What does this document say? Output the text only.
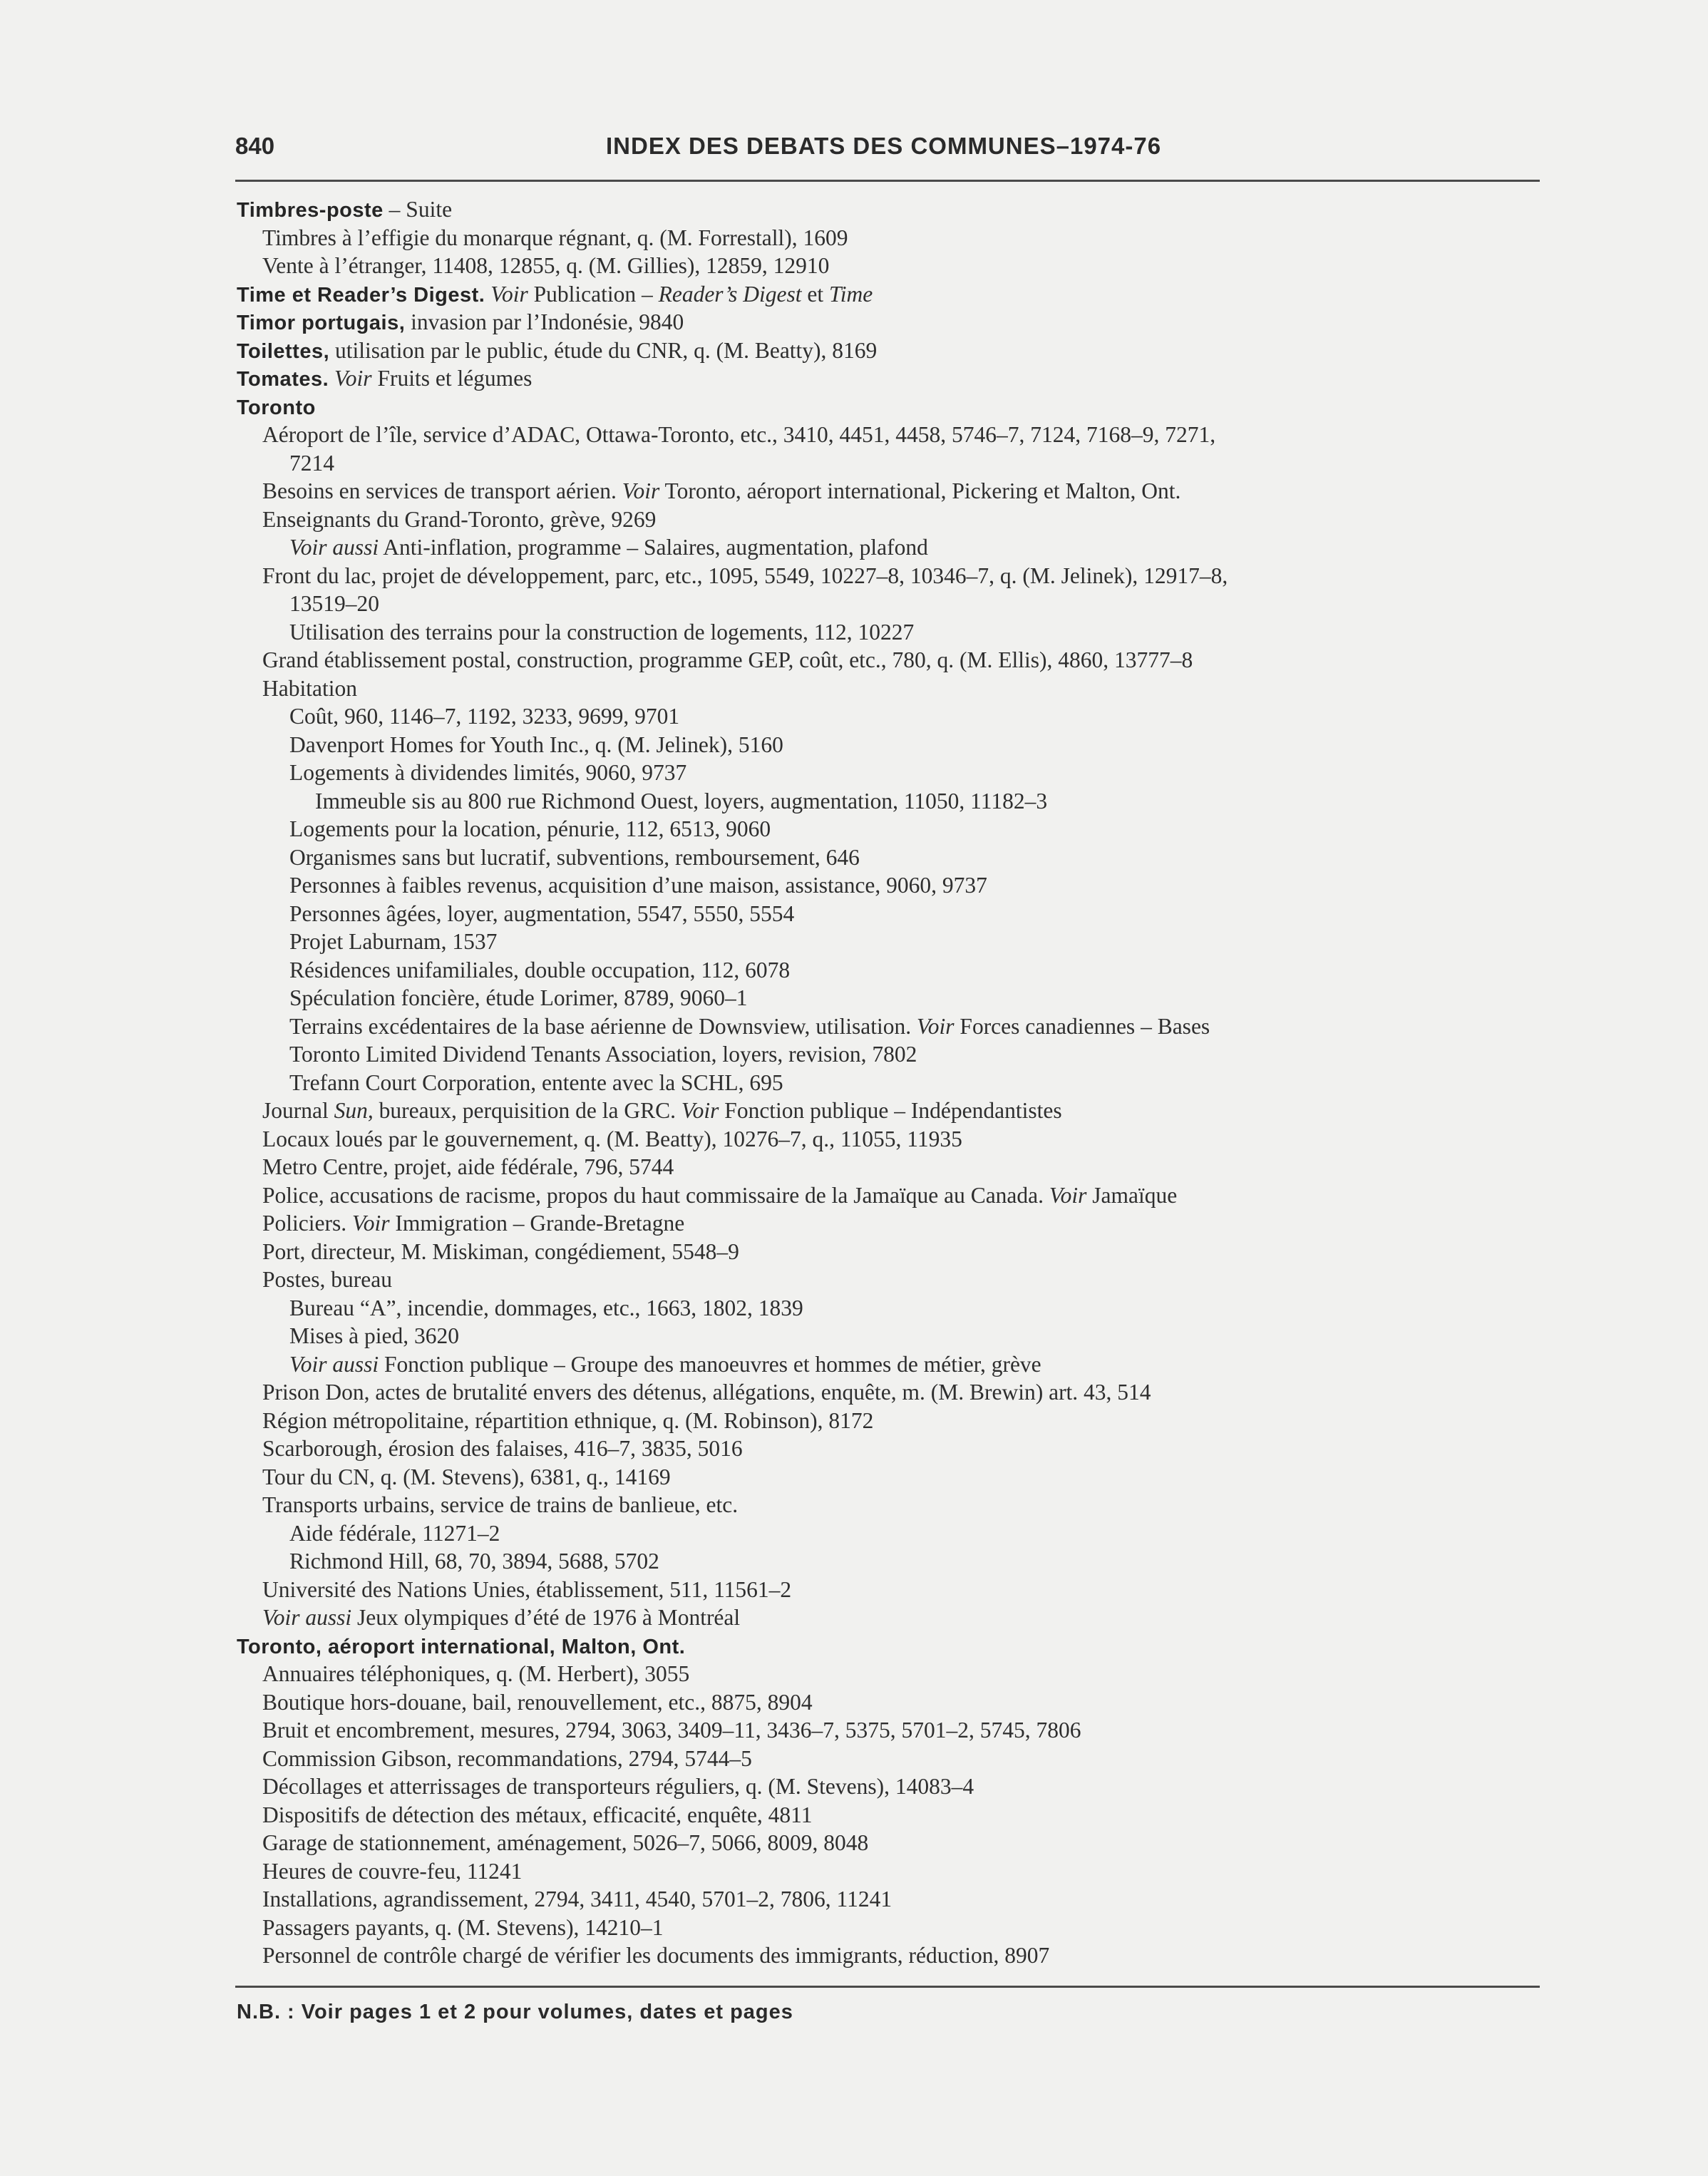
840	INDEX DES DEBATS DES COMMUNES–1974-76
Timbres-poste – Suite
Timbres à l’effigie du monarque régnant, q. (M. Forrestall), 1609
Vente à l’étranger, 11408, 12855, q. (M. Gillies), 12859, 12910
Time et Reader’s Digest. Voir Publication – Reader’s Digest et Time
Timor portugais, invasion par l’Indonésie, 9840
Toilettes, utilisation par le public, étude du CNR, q. (M. Beatty), 8169
Tomates. Voir Fruits et légumes
Toronto
Aéroport de l’île, service d’ADAC, Ottawa-Toronto, etc., 3410, 4451, 4458, 5746–7, 7124, 7168–9, 7271,
7214
Besoins en services de transport aérien. Voir Toronto, aéroport international, Pickering et Malton, Ont.
Enseignants du Grand-Toronto, grève, 9269
Voir aussi Anti-inflation, programme – Salaires, augmentation, plafond
Front du lac, projet de développement, parc, etc., 1095, 5549, 10227–8, 10346–7, q. (M. Jelinek), 12917–8,
13519–20
Utilisation des terrains pour la construction de logements, 112, 10227
Grand établissement postal, construction, programme GEP, coût, etc., 780, q. (M. Ellis), 4860, 13777–8
Habitation
Coût, 960, 1146–7, 1192, 3233, 9699, 9701
Davenport Homes for Youth Inc., q. (M. Jelinek), 5160
Logements à dividendes limités, 9060, 9737
Immeuble sis au 800 rue Richmond Ouest, loyers, augmentation, 11050, 11182–3
Logements pour la location, pénurie, 112, 6513, 9060
Organismes sans but lucratif, subventions, remboursement, 646
Personnes à faibles revenus, acquisition d’une maison, assistance, 9060, 9737
Personnes âgées, loyer, augmentation, 5547, 5550, 5554
Projet Laburnam, 1537
Résidences unifamiliales, double occupation, 112, 6078
Spéculation foncière, étude Lorimer, 8789, 9060–1
Terrains excédentaires de la base aérienne de Downsview, utilisation. Voir Forces canadiennes – Bases
Toronto Limited Dividend Tenants Association, loyers, revision, 7802
Trefann Court Corporation, entente avec la SCHL, 695
Journal Sun, bureaux, perquisition de la GRC. Voir Fonction publique – Indépendantistes
Locaux loués par le gouvernement, q. (M. Beatty), 10276–7, q., 11055, 11935
Metro Centre, projet, aide fédérale, 796, 5744
Police, accusations de racisme, propos du haut commissaire de la Jamaïque au Canada. Voir Jamaïque
Policiers. Voir Immigration – Grande-Bretagne
Port, directeur, M. Miskiman, congédiement, 5548–9
Postes, bureau
Bureau “A”, incendie, dommages, etc., 1663, 1802, 1839
Mises à pied, 3620
Voir aussi Fonction publique – Groupe des manoeuvres et hommes de métier, grève
Prison Don, actes de brutalité envers des détenus, allégations, enquête, m. (M. Brewin) art. 43, 514
Région métropolitaine, répartition ethnique, q. (M. Robinson), 8172
Scarborough, érosion des falaises, 416–7, 3835, 5016
Tour du CN, q. (M. Stevens), 6381, q., 14169
Transports urbains, service de trains de banlieue, etc.
Aide fédérale, 11271–2
Richmond Hill, 68, 70, 3894, 5688, 5702
Université des Nations Unies, établissement, 511, 11561–2
Voir aussi Jeux olympiques d’été de 1976 à Montréal
Toronto, aéroport international, Malton, Ont.
Annuaires téléphoniques, q. (M. Herbert), 3055
Boutique hors-douane, bail, renouvellement, etc., 8875, 8904
Bruit et encombrement, mesures, 2794, 3063, 3409–11, 3436–7, 5375, 5701–2, 5745, 7806
Commission Gibson, recommandations, 2794, 5744–5
Décollages et atterrissages de transporteurs réguliers, q. (M. Stevens), 14083–4
Dispositifs de détection des métaux, efficacité, enquête, 4811
Garage de stationnement, aménagement, 5026–7, 5066, 8009, 8048
Heures de couvre-feu, 11241
Installations, agrandissement, 2794, 3411, 4540, 5701–2, 7806, 11241
Passagers payants, q. (M. Stevens), 14210–1
Personnel de contrôle chargé de vérifier les documents des immigrants, réduction, 8907
N.B. : Voir pages 1 et 2 pour volumes, dates et pages
